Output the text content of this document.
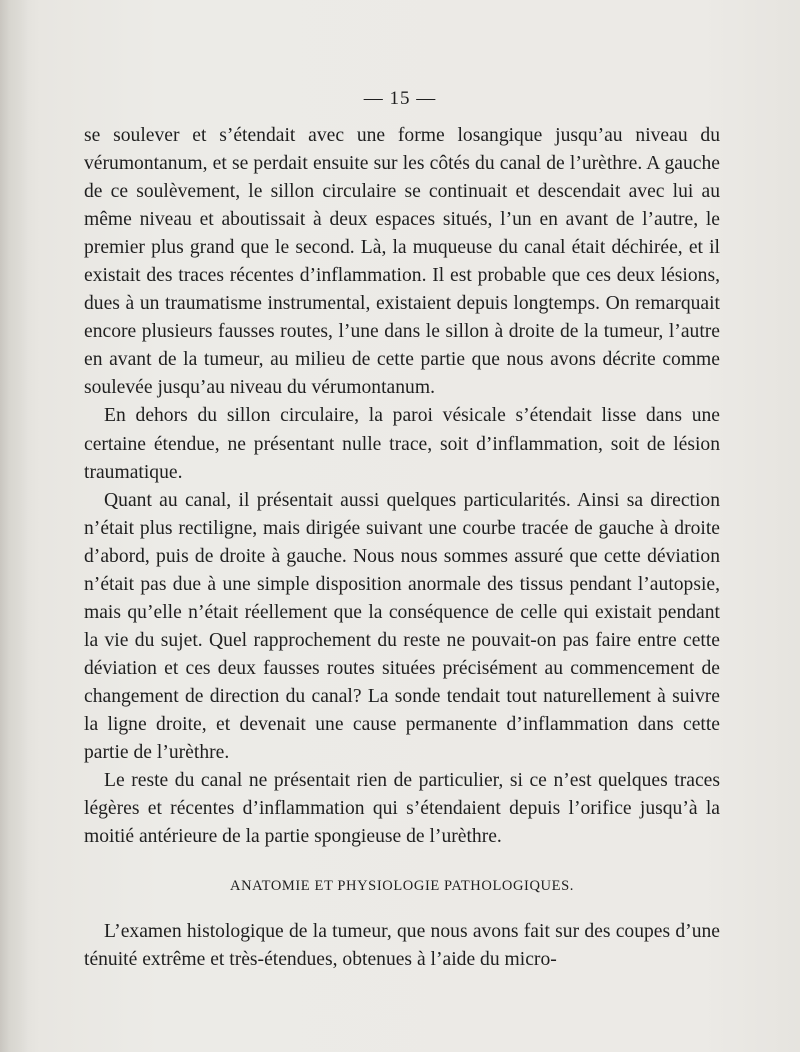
— 15 —

se soulever et s’étendait avec une forme losangique jusqu’au niveau du vérumontanum, et se perdait ensuite sur les côtés du canal de l’urèthre. A gauche de ce soulèvement, le sillon circulaire se continuait et descendait avec lui au même niveau et aboutissait à deux espaces situés, l’un en avant de l’autre, le premier plus grand que le second. Là, la muqueuse du canal était déchirée, et il existait des traces récentes d’inflammation. Il est probable que ces deux lésions, dues à un traumatisme instrumental, existaient depuis longtemps. On remarquait encore plusieurs fausses routes, l’une dans le sillon à droite de la tumeur, l’autre en avant de la tumeur, au milieu de cette partie que nous avons décrite comme soulevée jusqu’au niveau du vérumontanum.

En dehors du sillon circulaire, la paroi vésicale s’étendait lisse dans une certaine étendue, ne présentant nulle trace, soit d’inflammation, soit de lésion traumatique.

Quant au canal, il présentait aussi quelques particularités. Ainsi sa direction n’était plus rectiligne, mais dirigée suivant une courbe tracée de gauche à droite d’abord, puis de droite à gauche. Nous nous sommes assuré que cette déviation n’était pas due à une simple disposition anormale des tissus pendant l’autopsie, mais qu’elle n’était réellement que la conséquence de celle qui existait pendant la vie du sujet. Quel rapprochement du reste ne pouvait-on pas faire entre cette déviation et ces deux fausses routes situées précisément au commencement de changement de direction du canal? La sonde tendait tout naturellement à suivre la ligne droite, et devenait une cause permanente d’inflammation dans cette partie de l’urèthre.

Le reste du canal ne présentait rien de particulier, si ce n’est quelques traces légères et récentes d’inflammation qui s’étendaient depuis l’orifice jusqu’à la moitié antérieure de la partie spongieuse de l’urèthre.

ANATOMIE ET PHYSIOLOGIE PATHOLOGIQUES.

L’examen histologique de la tumeur, que nous avons fait sur des coupes d’une ténuité extrême et très-étendues, obtenues à l’aide du micro-
